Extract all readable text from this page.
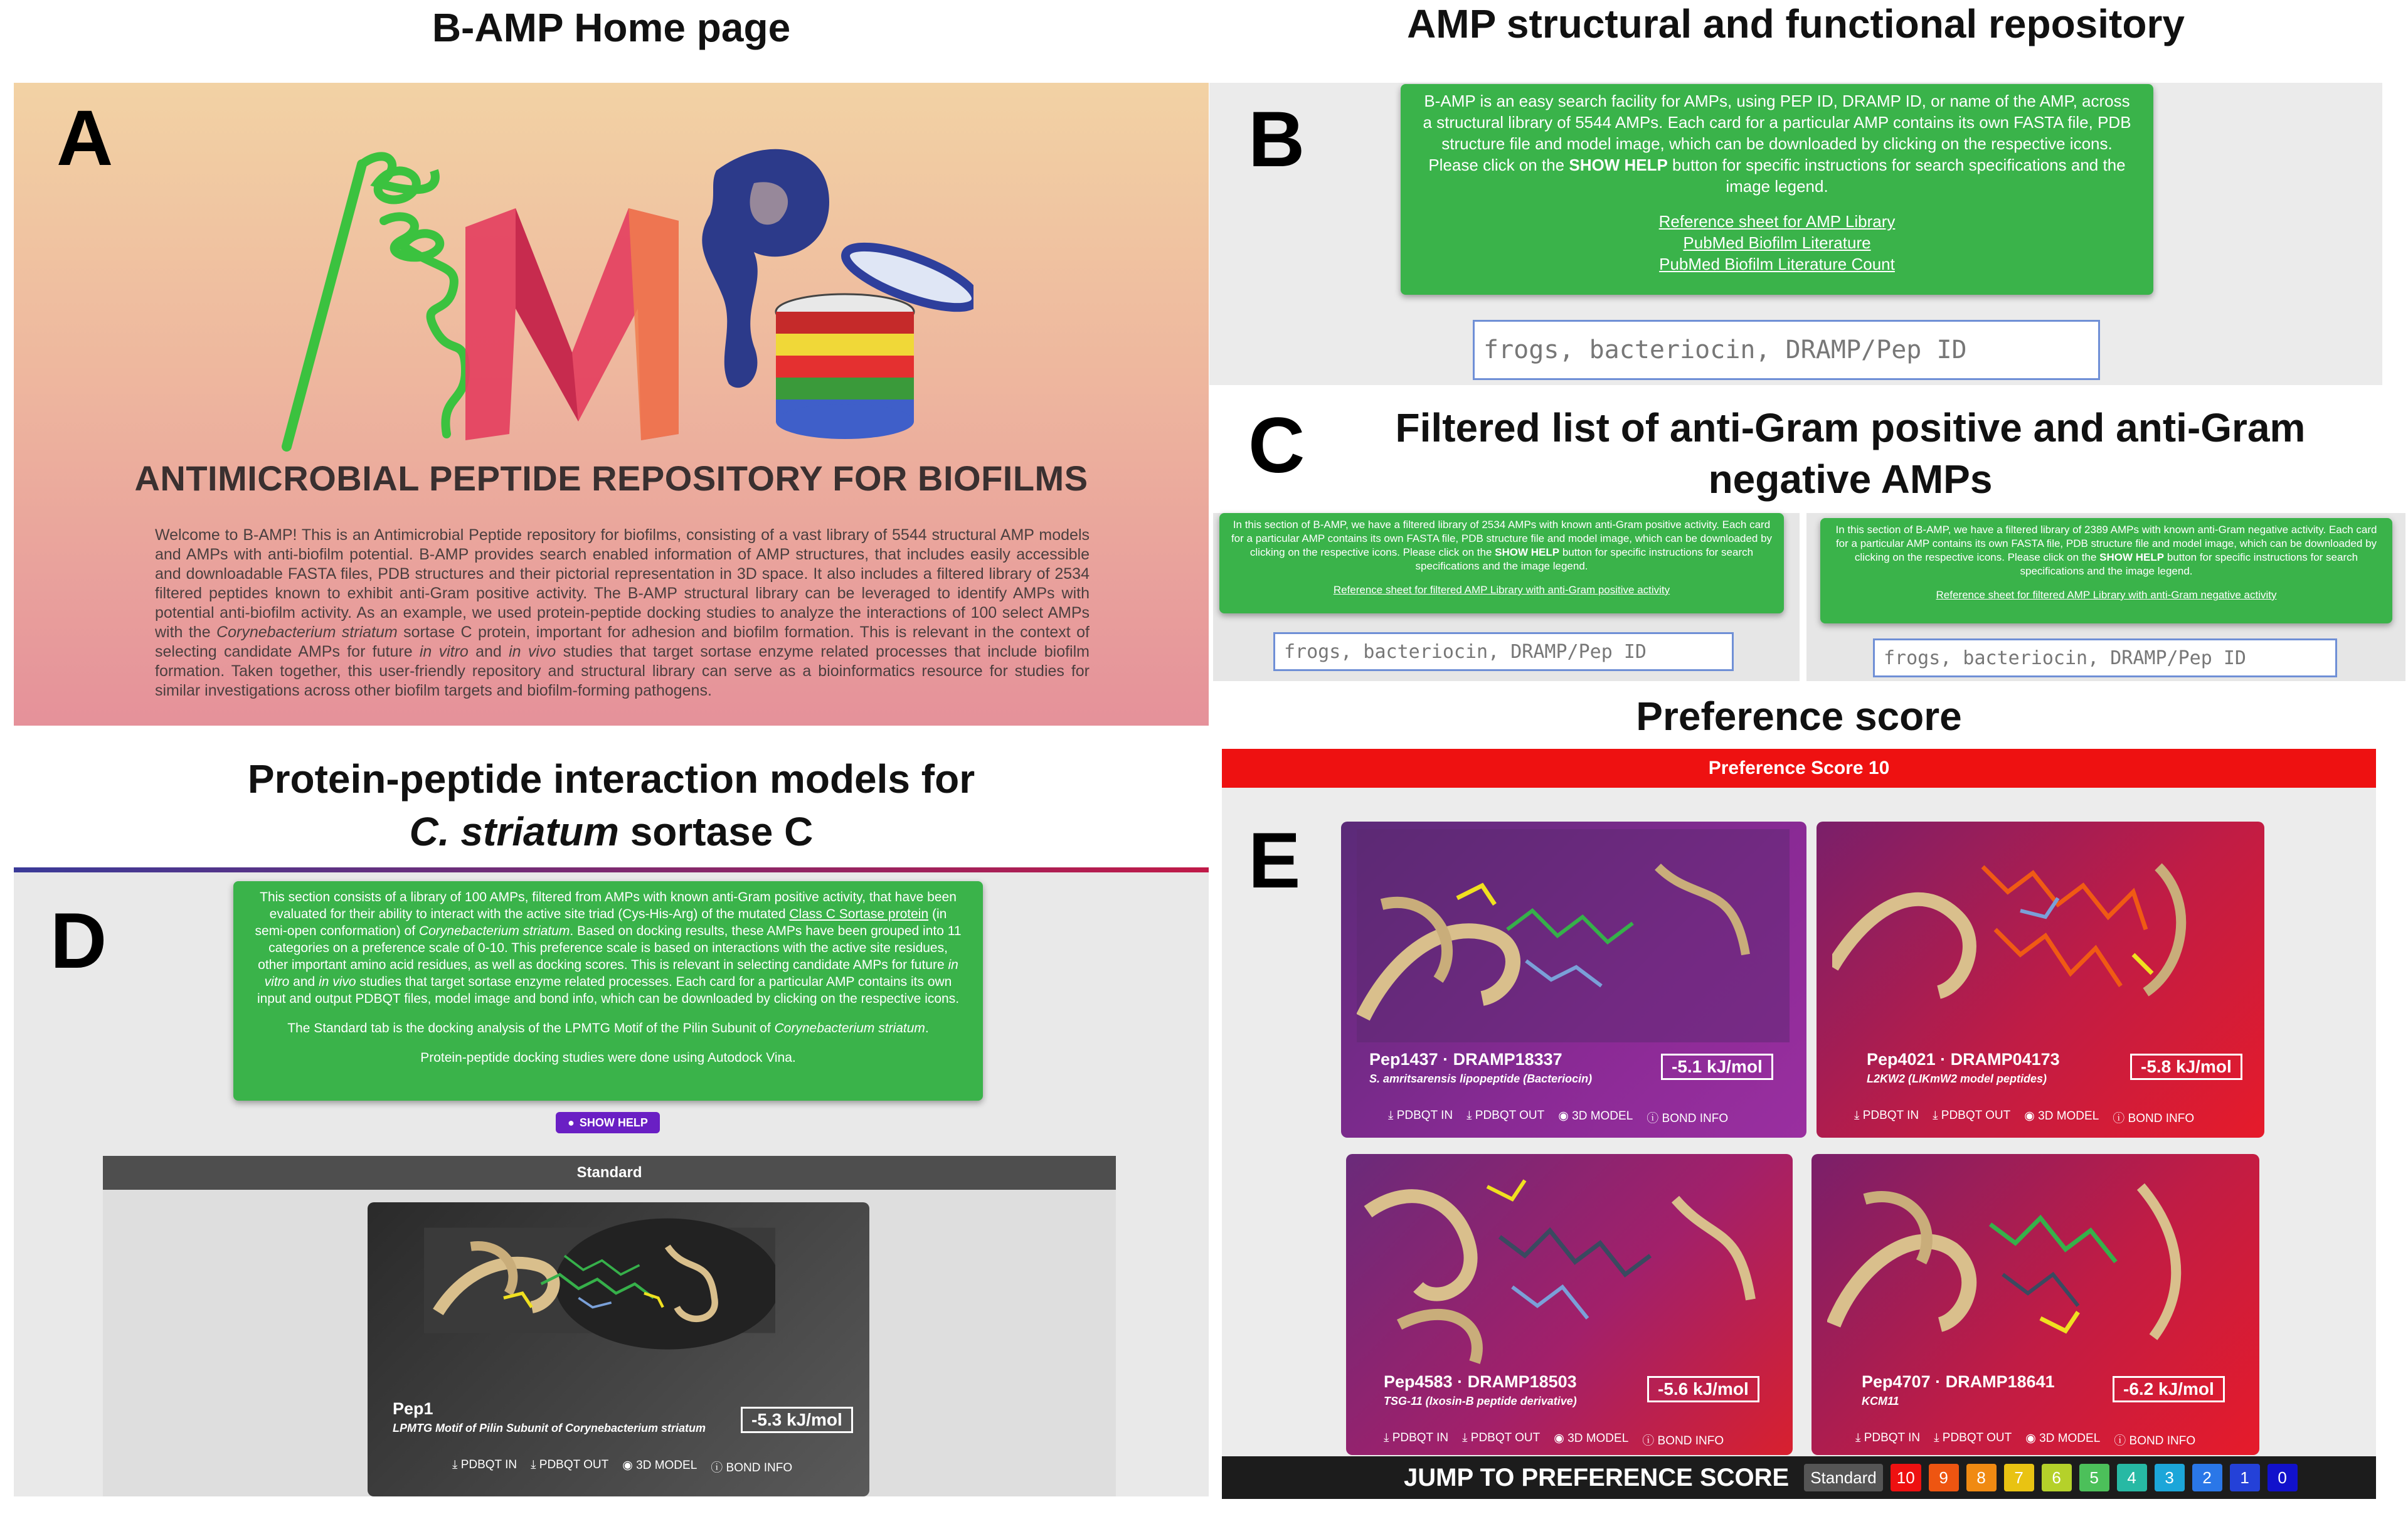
B-AMP Home page	AMP structural and functional repository
Filtered list of anti-Gram positive and anti-Gram
negative AMPs
Protein-peptide interaction models for
C. striatum sortase C
Preference score
ANTIMICROBIAL PEPTIDE REPOSITORY FOR BIOFILMS
Welcome to B-AMP! This is an Antimicrobial Peptide repository for biofilms, consisting of a vast library of 5544 structural AMP models and AMPs with anti-biofilm potential. B-AMP provides search enabled information of AMP structures, that includes easily accessible and downloadable FASTA files, PDB structures and their pictorial representation in 3D space. It also includes a filtered library of 2534 filtered peptides known to exhibit anti-Gram positive activity. The B-AMP structural library can be leveraged to identify AMPs with potential anti-biofilm activity. As an example, we used protein-peptide docking studies to analyze the interactions of 100 select AMPs with the Corynebacterium striatum sortase C protein, important for adhesion and biofilm formation. This is relevant in the context of selecting candidate AMPs for future in vitro and in vivo studies that target sortase enzyme related processes that include biofilm formation. Taken together, this user-friendly repository and structural library can serve as a bioinformatics resource for studies for similar investigations across other biofilm targets and biofilm-forming pathogens.
A	B-AMP is an easy search facility for AMPs, using PEP ID, DRAMP ID, or name of the AMP, across a structural library of 5544 AMPs. Each card for a particular AMP contains its own FASTA file, PDB structure file and model image, which can be downloaded by clicking on the respective icons. Please click on the SHOW HELP button for specific instructions for search specifications and the image legend.
Reference sheet for AMP Library
PubMed Biofilm Literature
PubMed Biofilm Literature Count
frogs, bacteriocin, DRAMP/Pep ID
B
C
In this section of B-AMP, we have a filtered library of 2534 AMPs with known anti-Gram positive activity. Each card for a particular AMP contains its own FASTA file, PDB structure file and model image, which can be downloaded by clicking on the respective icons. Please click on the SHOW HELP button for specific instructions for search specifications and the image legend.
Reference sheet for filtered AMP Library with anti-Gram positive activity
frogs, bacteriocin, DRAMP/Pep ID
In this section of B-AMP, we have a filtered library of 2389 AMPs with known anti-Gram negative activity. Each card for a particular AMP contains its own FASTA file, PDB structure file and model image, which can be downloaded by clicking on the respective icons. Please click on the SHOW HELP button for specific instructions for search specifications and the image legend.
Reference sheet for filtered AMP Library with anti-Gram negative activity
frogs, bacteriocin, DRAMP/Pep ID
This section consists of a library of 100 AMPs, filtered from AMPs with known anti-Gram positive activity, that have been evaluated for their ability to interact with the active site triad (Cys-His-Arg) of the mutated Class C Sortase protein (in semi-open conformation) of Corynebacterium striatum. Based on docking results, these AMPs have been grouped into 11 categories on a preference scale of 0-10. This preference scale is based on interactions with the active site residues, other important amino acid residues, as well as docking scores. This is relevant in selecting candidate AMPs for future in vitro and in vivo studies that target sortase enzyme related processes. Each card for a particular AMP contains its own input and output PDBQT files, model image and bond info, which can be downloaded by clicking on the respective icons.
The Standard tab is the docking analysis of the LPMTG Motif of the Pilin Subunit of Corynebacterium striatum.
Protein-peptide docking studies were done using Autodock Vina.
● SHOW HELP
Standard
Pep1
LPMTG Motif of Pilin Subunit of Corynebacterium striatum	-5.3 kJ/mol
⤓ PDBQT IN ⤓ PDBQT OUT ◉ 3D MODEL ⓘ BOND INFO
D
Preference Score 10
Pep1437 · DRAMP18337
S. amritsarensis lipopeptide (Bacteriocin)
-5.1 kJ/mol
⤓ PDBQT IN ⤓ PDBQT OUT ◉ 3D MODEL ⓘ BOND INFO
Pep4021 · DRAMP04173
L2KW2 (LIKmW2 model peptides)
-5.8 kJ/mol
⤓ PDBQT IN ⤓ PDBQT OUT ◉ 3D MODEL ⓘ BOND INFO
Pep4583 · DRAMP18503
TSG-11 (Ixosin-B peptide derivative)
-5.6 kJ/mol
⤓ PDBQT IN ⤓ PDBQT OUT ◉ 3D MODEL ⓘ BOND INFO
Pep4707 · DRAMP18641
KCM11
-6.2 kJ/mol
⤓ PDBQT IN ⤓ PDBQT OUT ◉ 3D MODEL ⓘ BOND INFO
JUMP TO PREFERENCE SCORE	Standard	10	9	8	7	6	5	4	3	2	1	0
E
